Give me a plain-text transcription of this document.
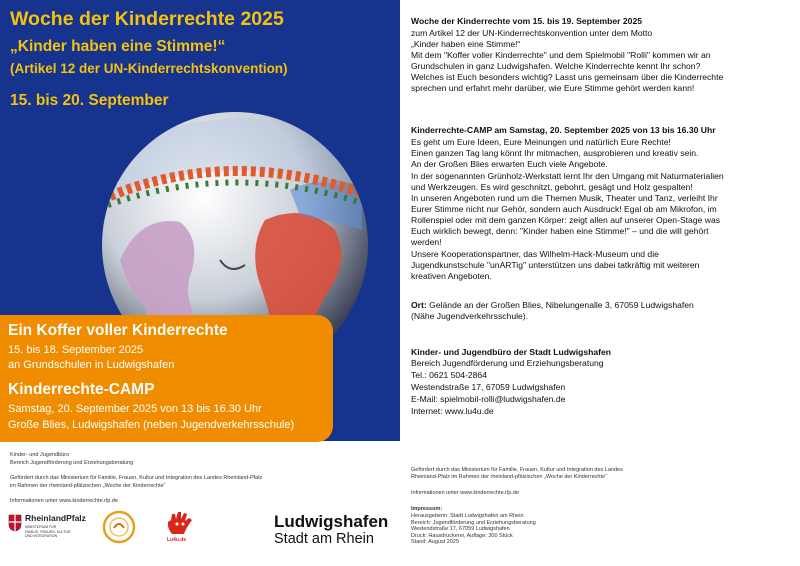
Woche der Kinderrechte 2025
„Kinder haben eine Stimme!“
(Artikel 12 der UN-Kinderrechtskonvention)
15. bis 20. September
Ein Koffer voller Kinderrechte
15. bis 18. September 2025
an Grundschulen in Ludwigshafen
Kinderrechte-CAMP
Samstag, 20. September 2025 von 13 bis 16.30 Uhr
Große Blies, Ludwigshafen (neben Jugendverkehrsschule)
Kinder- und Jugendbüro
Bereich Jugendförderung und Erziehungsberatung
Gefördert durch das Ministerium für Familie, Frauen, Kultur und Integration des Landes Rheinland-Pfalz
im Rahmen der rheinland-pfälzischen „Woche der Kinderrechte“
Informationen unter www.kinderrechte.rlp.de
RheinlandPfalz
MINISTERIUM FÜR
FAMILIE, FRAUEN, KULTUR
UND INTEGRATION
Lu4u.de
Ludwigshafen
Stadt am Rhein
Woche der Kinderrechte vom 15. bis 19. September 2025
zum Artikel 12 der UN-Kinderrechtskonvention unter dem Motto
„Kinder haben eine Stimme!“
Mit dem "Koffer voller Kinderrechte" und dem Spielmobil "Rolli" kommen wir an
Grundschulen in ganz Ludwigshafen. Welche Kinderrechte kennt Ihr schon?
Welches ist Euch besonders wichtig? Lasst uns gemeinsam über die Kinderrechte
sprechen und erfahrt mehr darüber, wie Eure Stimme gehört werden kann!
Kinderrechte-CAMP am Samstag, 20. September 2025 von 13 bis 16.30 Uhr
Es geht um Eure Ideen, Eure Meinungen und natürlich Eure Rechte!
Einen ganzen Tag lang könnt Ihr mitmachen, ausprobieren und kreativ sein.
An der Großen Blies erwarten Euch viele Angebote.
In der sogenannten Grünholz-Werkstatt lernt Ihr den Umgang mit Naturmaterialien
und Werkzeugen. Es wird geschnitzt, gebohrt, gesägt und Holz gespalten!
In unseren Angeboten rund um die Themen Musik, Theater und Tanz, verleiht Ihr
Eurer Stimme nicht nur Gehör, sondern auch Ausdruck! Egal ob am Mikrofon, im
Rollenspiel oder mit dem ganzen Körper: zeigt allen auf unserer Open-Stage was
Euch wirklich bewegt, denn: "Kinder haben eine Stimme!" – und die will gehört
werden!
Unsere Kooperationspartner, das Wilhelm-Hack-Museum und die
Jugendkunstschule "unARTig" unterstützen uns dabei tatkräftig mit weiteren
kreativen Angeboten.
Ort: Gelände an der Großen Blies, Nibelungenalle 3, 67059 Ludwigshafen
(Nähe Jugendverkehrsschule).
Kinder- und Jugendbüro der Stadt Ludwigshafen
Bereich Jugendförderung und Erziehungsberatung
Tel.: 0621 504-2864
Westendstraße 17, 67059 Ludwigshafen
E-Mail: spielmobil-rolli@ludwigshafen.de
Internet: www.lu4u.de
Gefördert durch das Ministerium für Familie, Frauen, Kultur und Integration des Landes
Rheinland-Pfalz im Rahmen der rheinland-pfälzischen „Woche der Kinderrechte“
Informationen unter www.kinderrechte.rlp.de
Impressum:
Herausgeberin: Stadt Ludwigshafen am Rhein
Bereich: Jugendförderung und Erziehungsberatung
Westendstraße 17, 67059 Ludwigshafen
Druck: Hausdruckerei, Auflage: 300 Stück
Stand: August 2025
